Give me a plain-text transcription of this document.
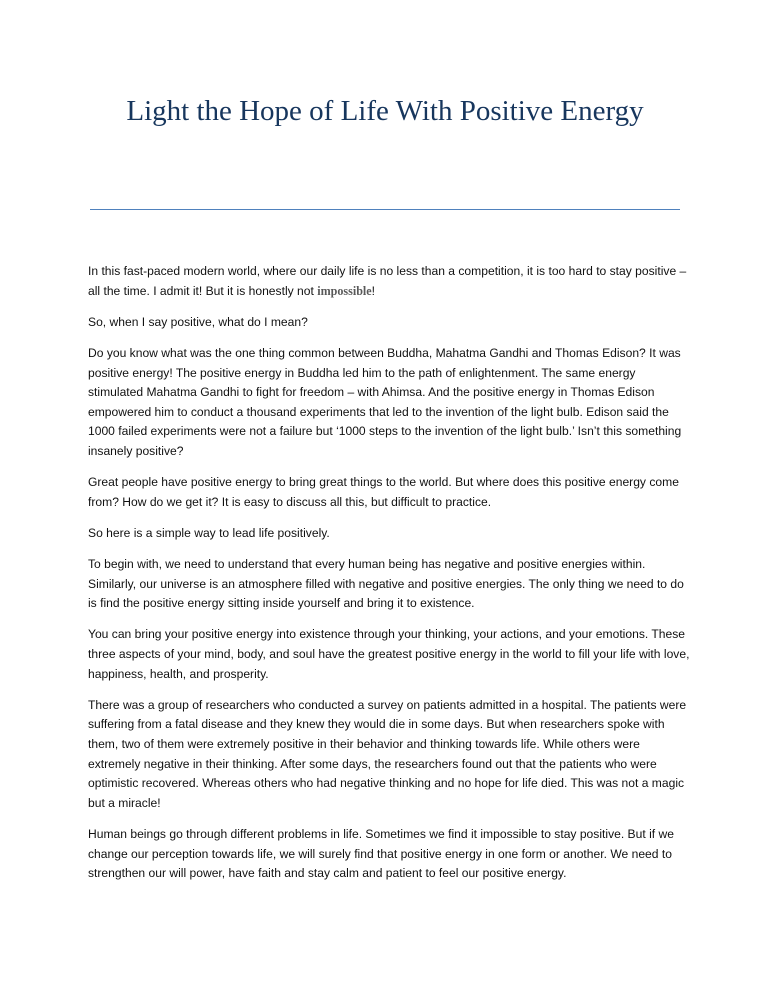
Light the Hope of Life With Positive Energy

In this fast-paced modern world, where our daily life is no less than a competition, it is too hard to stay positive – all the time. I admit it! But it is honestly not impossible!

So, when I say positive, what do I mean?

Do you know what was the one thing common between Buddha, Mahatma Gandhi and Thomas Edison? It was positive energy! The positive energy in Buddha led him to the path of enlightenment. The same energy stimulated Mahatma Gandhi to fight for freedom – with Ahimsa. And the positive energy in Thomas Edison empowered him to conduct a thousand experiments that led to the invention of the light bulb. Edison said the 1000 failed experiments were not a failure but ‘1000 steps to the invention of the light bulb.’ Isn’t this something insanely positive?

Great people have positive energy to bring great things to the world. But where does this positive energy come from? How do we get it? It is easy to discuss all this, but difficult to practice.

So here is a simple way to lead life positively.

To begin with, we need to understand that every human being has negative and positive energies within. Similarly, our universe is an atmosphere filled with negative and positive energies. The only thing we need to do is find the positive energy sitting inside yourself and bring it to existence.

You can bring your positive energy into existence through your thinking, your actions, and your emotions. These three aspects of your mind, body, and soul have the greatest positive energy in the world to fill your life with love, happiness, health, and prosperity.

There was a group of researchers who conducted a survey on patients admitted in a hospital. The patients were suffering from a fatal disease and they knew they would die in some days. But when researchers spoke with them, two of them were extremely positive in their behavior and thinking towards life. While others were extremely negative in their thinking. After some days, the researchers found out that the patients who were optimistic recovered. Whereas others who had negative thinking and no hope for life died. This was not a magic but a miracle!

Human beings go through different problems in life. Sometimes we find it impossible to stay positive. But if we change our perception towards life, we will surely find that positive energy in one form or another. We need to strengthen our will power, have faith and stay calm and patient to feel our positive energy.
